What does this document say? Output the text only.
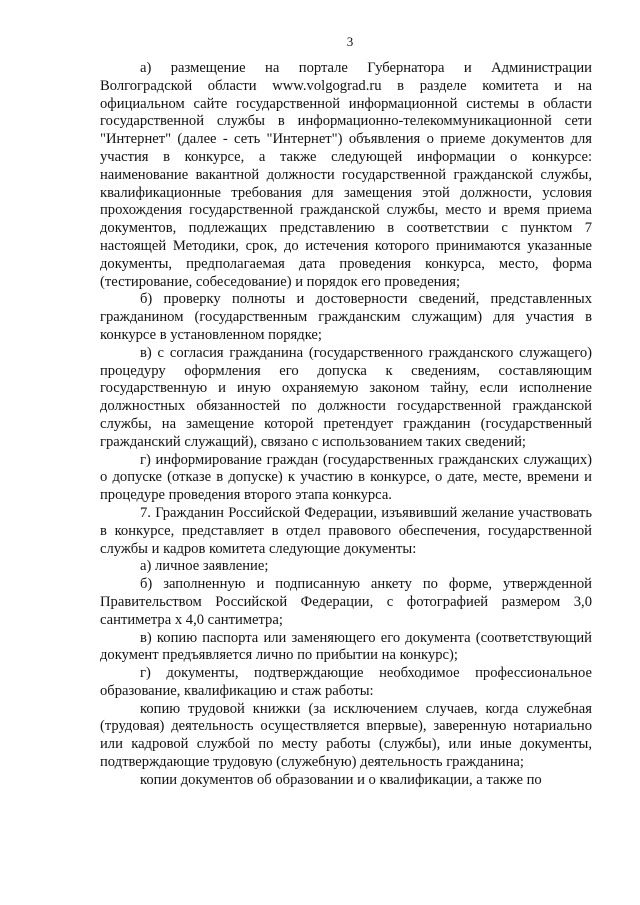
3

а) размещение на портале Губернатора и Администрации Волгоградской области www.volgograd.ru в разделе комитета и на официальном сайте государственной информационной системы в области государственной службы в информационно-телекоммуникационной сети "Интернет" (далее - сеть "Интернет") объявления о приеме документов для участия в конкурсе, а также следующей информации о конкурсе: наименование вакантной должности государственной гражданской службы, квалификационные требования для замещения этой должности, условия прохождения государственной гражданской службы, место и время приема документов, подлежащих представлению в соответствии с пунктом 7 настоящей Методики, срок, до истечения которого принимаются указанные документы, предполагаемая дата проведения конкурса, место, форма (тестирование, собеседование) и порядок его проведения;

б) проверку полноты и достоверности сведений, представленных гражданином (государственным гражданским служащим) для участия в конкурсе в установленном порядке;

в) с согласия гражданина (государственного гражданского служащего) процедуру оформления его допуска к сведениям, составляющим государственную и иную охраняемую законом тайну, если исполнение должностных обязанностей по должности государственной гражданской службы, на замещение которой претендует гражданин (государственный гражданский служащий), связано с использованием таких сведений;

г) информирование граждан (государственных гражданских служащих) о допуске (отказе в допуске) к участию в конкурсе, о дате, месте, времени и процедуре проведения второго этапа конкурса.

7. Гражданин Российской Федерации, изъявивший желание участвовать в конкурсе, представляет в отдел правового обеспечения, государственной службы и кадров комитета следующие документы:

а) личное заявление;

б) заполненную и подписанную анкету по форме, утвержденной Правительством Российской Федерации, с фотографией размером 3,0 сантиметра x 4,0 сантиметра;

в) копию паспорта или заменяющего его документа (соответствующий документ предъявляется лично по прибытии на конкурс);

г) документы, подтверждающие необходимое профессиональное образование, квалификацию и стаж работы:

копию трудовой книжки (за исключением случаев, когда служебная (трудовая) деятельность осуществляется впервые), заверенную нотариально или кадровой службой по месту работы (службы), или иные документы, подтверждающие трудовую (служебную) деятельность гражданина;

копии документов об образовании и о квалификации, а также по
